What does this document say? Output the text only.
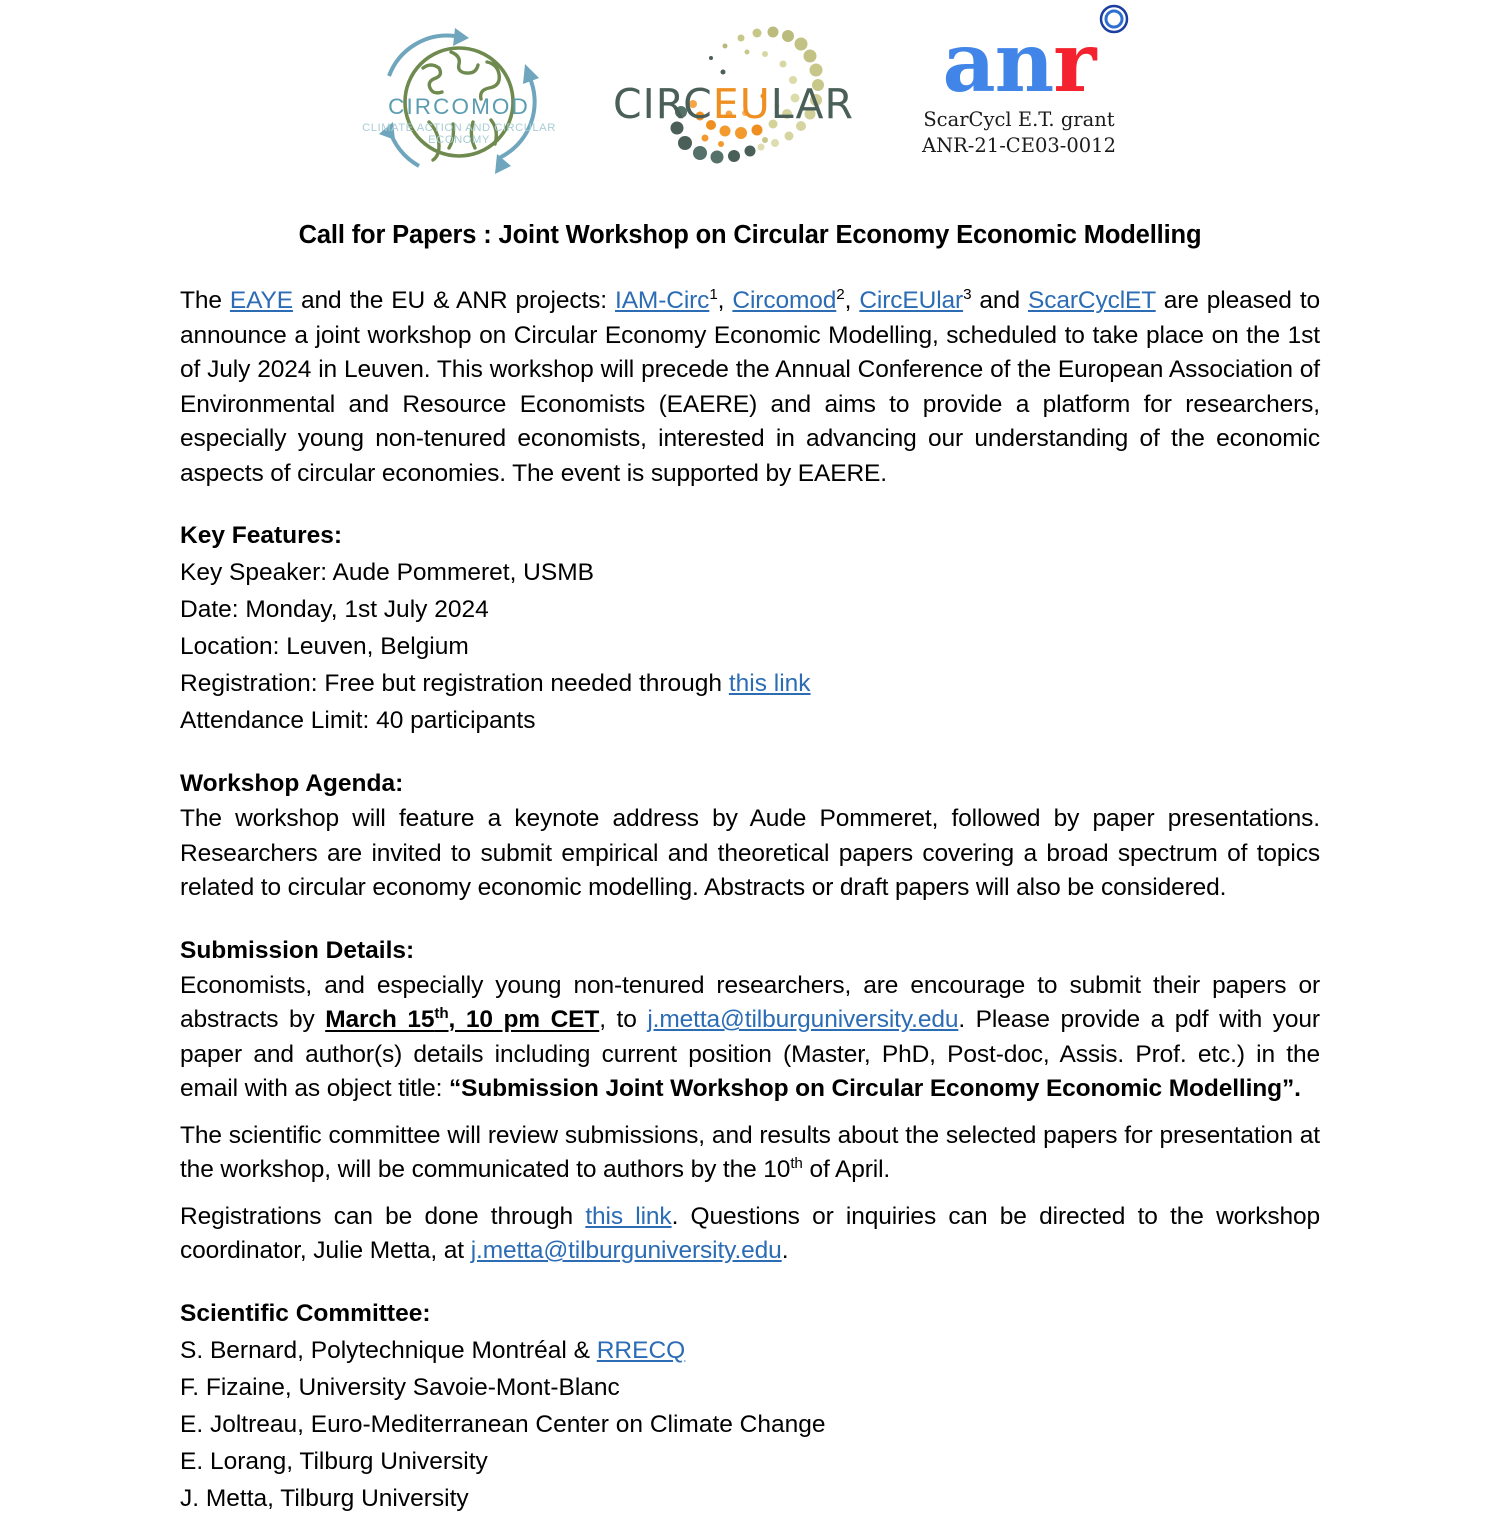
CIRCOMOD
CLIMATE ACTION AND CIRCULAR ECONOMY
CIRCEULAR	anr
ScarCycl E.T. grant
ANR-21-CE03-0012
Call for Papers : Joint Workshop on Circular Economy Economic Modelling

The EAYE and the EU & ANR projects: IAM-Circ$^1$, Circomod$^2$, CircEUlar$^3$ and ScarCyclET are pleased to announce a joint workshop on Circular Economy Economic Modelling, scheduled to take place on the 1st of July 2024 in Leuven. This workshop will precede the Annual Conference of the European Association of Environmental and Resource Economists (EAERE) and aims to provide a platform for researchers, especially young non-tenured economists, interested in advancing our understanding of the economic aspects of circular economies. The event is supported by EAERE.

Key Features:
Key Speaker: Aude Pommeret, USMB
Date: Monday, 1st July 2024
Location: Leuven, Belgium
Registration: Free but registration needed through this link
Attendance Limit: 40 participants
Workshop Agenda:

The workshop will feature a keynote address by Aude Pommeret, followed by paper presentations. Researchers are invited to submit empirical and theoretical papers covering a broad spectrum of topics related to circular economy economic modelling. Abstracts or draft papers will also be considered.

Submission Details:

Economists, and especially young non-tenured researchers, are encourage to submit their papers or abstracts by March 15th, 10 pm CET, to j.metta@tilburguniversity.edu. Please provide a pdf with your paper and author(s) details including current position (Master, PhD, Post-doc, Assis. Prof. etc.) in the email with as object title: “Submission Joint Workshop on Circular Economy Economic Modelling”.

The scientific committee will review submissions, and results about the selected papers for presentation at the workshop, will be communicated to authors by the 10th of April.

Registrations can be done through this link. Questions or inquiries can be directed to the workshop coordinator, Julie Metta, at j.metta@tilburguniversity.edu.

Scientific Committee:
S. Bernard, Polytechnique Montréal & RRECQ
F. Fizaine, University Savoie-Mont-Blanc
E. Joltreau, Euro-Mediterranean Center on Climate Change
E. Lorang, Tilburg University
J. Metta, Tilburg University
